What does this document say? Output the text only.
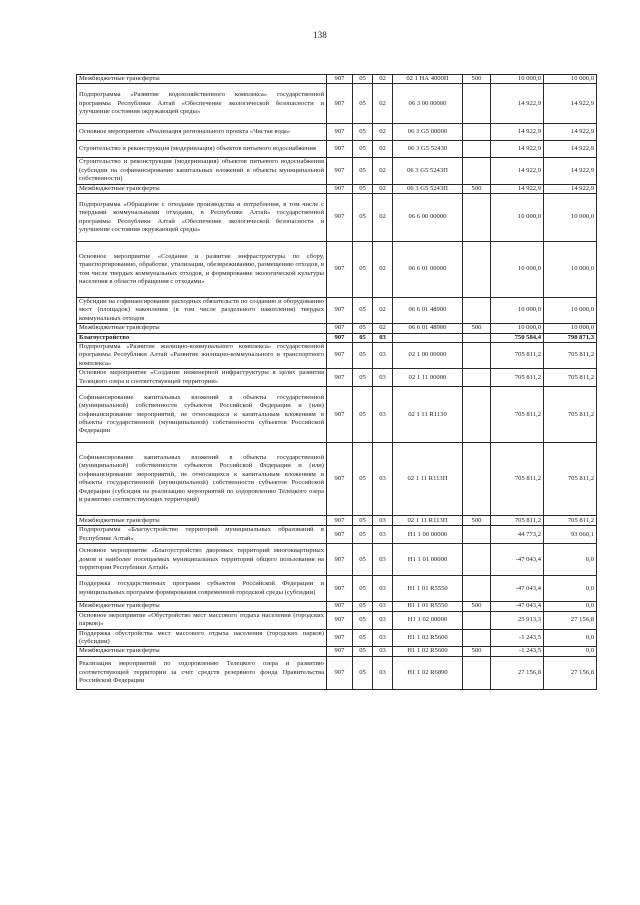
138
Межбюджетные трансферты	907	05	02	02 1 НА 4000П	500	10 000,0	10 000,0
Подпрограмма «Развитие водохозяйственного комплекса» государственной программы Республики Алтай «Обеспечение экологической безопасности и улучшение состояния окружающей среды»	907	05	02	06 3 00 00000		14 922,9	14 922,9
Основное мероприятие «Реализация регионального проекта «Чистая вода»	907	05	02	06 3 G5 00000		14 922,9	14 922,9
Строительство и реконструкция (модернизация) объектов питьевого водоснабжения	907	05	02	06 3 G5 52430		14 922,9	14 922,9
Строительство и реконструкция (модернизация) объектов питьевого водоснабжения (субсидии на софинансирование капитальных вложений в объекты муниципальной собственности)	907	05	02	06 3 G5 5243П		14 922,9	14 922,9
Межбюджетные трансферты	907	05	02	06 3 G5 5243П	500	14 922,9	14 922,9
Подпрограмма «Обращение с отходами производства и потребления, в том числе с твердыми коммунальными отходами, в Республике Алтай» государственной программы Республики Алтай «Обеспечение экологической безопасности и улучшение состояния окружающей среды»	907	05	02	06 6 00 00000		10 000,0	10 000,0
Основное мероприятие «Создание и развитие инфраструктуры по сбору, транспортированию, обработке, утилизации, обезвреживанию, размещению отходов, в том числе твердых коммунальных отходов, и формирование экологической культуры населения в области обращения с отходами»	907	05	02	06 6 01 00000		10 000,0	10 000,0
Субсидии на софинансирование расходных обязательств по созданию и оборудованию мест (площадок) накопления (в том числе раздельного накопления) твердых коммунальных отходов	907	05	02	06 6 01 48900		10 000,0	10 000,0
Межбюджетные трансферты	907	05	02	06 6 01 48900	500	10 000,0	10 000,0
Благоустройство	907	05	03			750 584,4	798 871,3
Подпрограмма «Развитие жилищно-коммунального комплекса» государственной программы Республики Алтай «Развитие жилищно-коммунального и транспортного комплекса»	907	05	03	02 1 00 00000		705 811,2	705 811,2
Основное мероприятие «Создание инженерной инфраструктуры в целях развития Телецкого озера и соответствующей территории»	907	05	03	02 1 11 00000		705 811,2	705 811,2
Софинансирование капитальных вложений в объекты государственной (муниципальной) собственности субъектов Российской Федерации и (или) софинансирование мероприятий, не относящихся к капитальным вложениям в объекты государственной (муниципальной) собственности субъектов Российской Федерации	907	05	03	02 1 11 R1130		705 811,2	705 811,2
Софинансирование капитальных вложений в объекты государственной (муниципальной) собственности субъектов Российской Федерации и (или) софинансирование мероприятий, не относящихся к капитальным вложениям в объекты государственной (муниципальной) собственности субъектов Российской Федерации (субсидия на реализацию мероприятий по оздоровлению Телецкого озера и развитию соответствующих территорий)	907	05	03	02 1 11 R113П		705 811,2	705 811,2
Межбюджетные трансферты	907	05	03	02 1 11 R113П	500	705 811,2	705 811,2
Подпрограмма «Благоустройство территорий муниципальных образований в Республике Алтай»	907	05	03	Н1 1 00 00000		44 773,2	93 060,1
Основное мероприятие «Благоустройство дворовых территорий многоквартирных домов и наиболее посещаемых муниципальных территорий общего пользования на территории Республики Алтай»	907	05	03	Н1 1 01 00000		-47 043,4	0,0
Поддержка государственных программ субъектов Российской Федерации и муниципальных программ формирования современной городской среды (субсидии)	907	05	03	Н1 1 01 R5550		-47 043,4	0,0
Межбюджетные трансферты	907	05	03	Н1 1 01 R5550	500	-47 043,4	0,0
Основное мероприятие «Обустройство мест массового отдыха населения (городских парков)»	907	05	03	Н1 1 02 00000		25 913,3	27 156,8
Поддержка обустройства мест массового отдыха населения (городских парков) (субсидии)	907	05	03	Н1 1 02 R5600		-1 243,5	0,0
Межбюджетные трансферты	907	05	03	Н1 1 02 R5600	500	-1 243,5	0,0
Реализация мероприятий по оздоровлению Телецкого озера и развитию соответствующей территории за счет средств резервного фонда Правительства Российской Федерации	907	05	03	Н1 1 02 R6890		27 156,8	27 156,8
